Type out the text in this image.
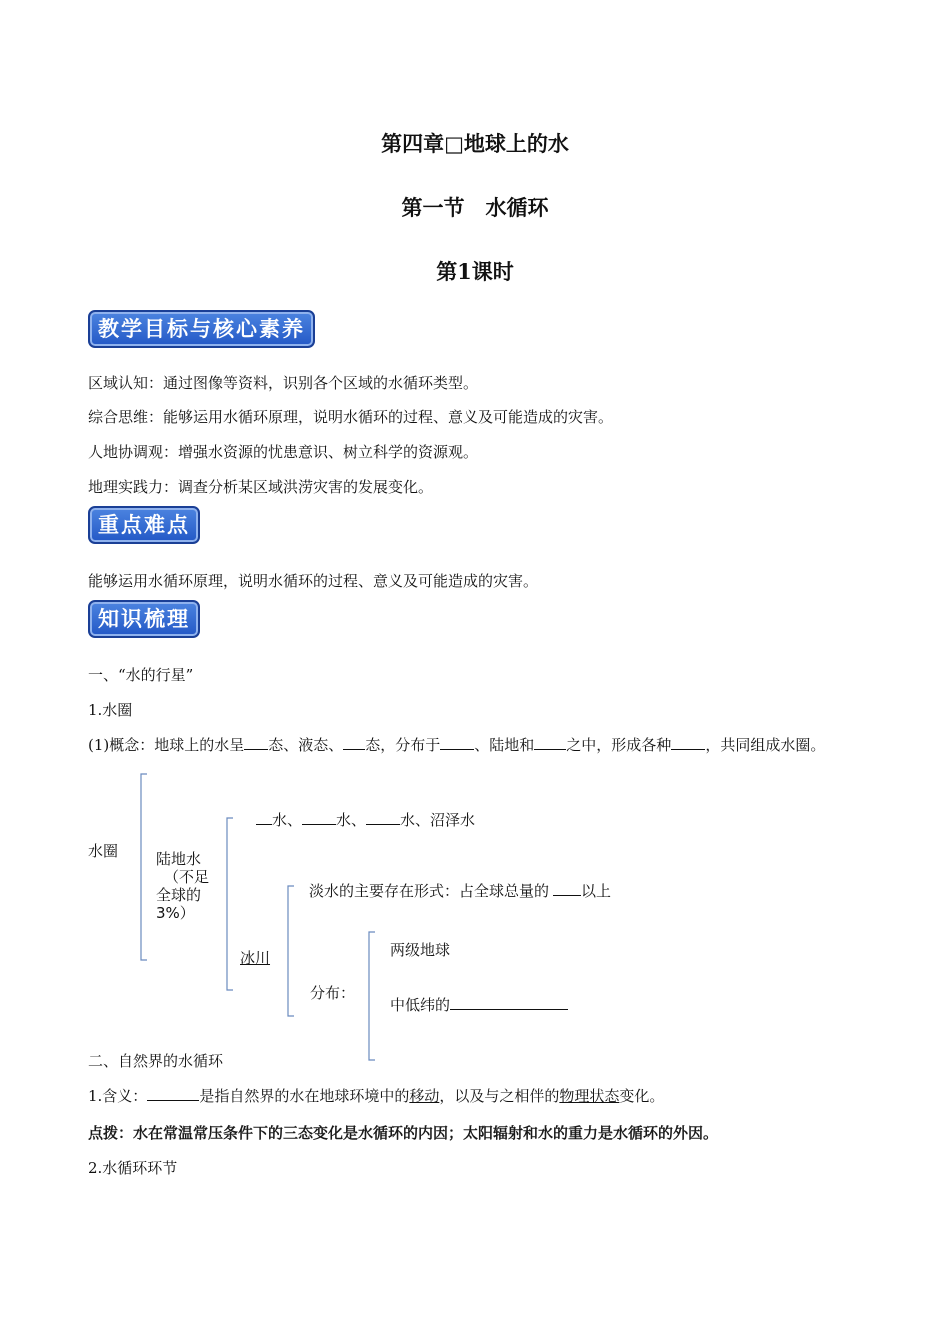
第四章□地球上的水
第一节　水循环
第1课时
教学目标与核心素养
区域认知：通过图像等资料，识别各个区域的水循环类型。
综合思维：能够运用水循环原理，说明水循环的过程、意义及可能造成的灾害。
人地协调观：增强水资源的忧患意识、树立科学的资源观。
地理实践力：调查分析某区域洪涝灾害的发展变化。
重点难点
能够运用水循环原理，说明水循环的过程、意义及可能造成的灾害。
知识梳理
一、“水的行星”
1.水圈
(1)概念：地球上的水呈 态、液态、 态，分布于 、陆地和 之中，形成各种 ，共同组成水圈。
水圈	陆地水
（不足
全球的
3%）
水、 水、 水、沼泽水
冰川
淡水的主要存在形式：占全球总量的 以上
分布：
两级地球
中低纬的
二、自然界的水循环
1.含义：	是指自然界的水在地球环境中的移动，以及与之相伴的物理状态变化。
点拨：水在常温常压条件下的三态变化是水循环的内因；太阳辐射和水的重力是水循环的外因。
2.水循环环节
